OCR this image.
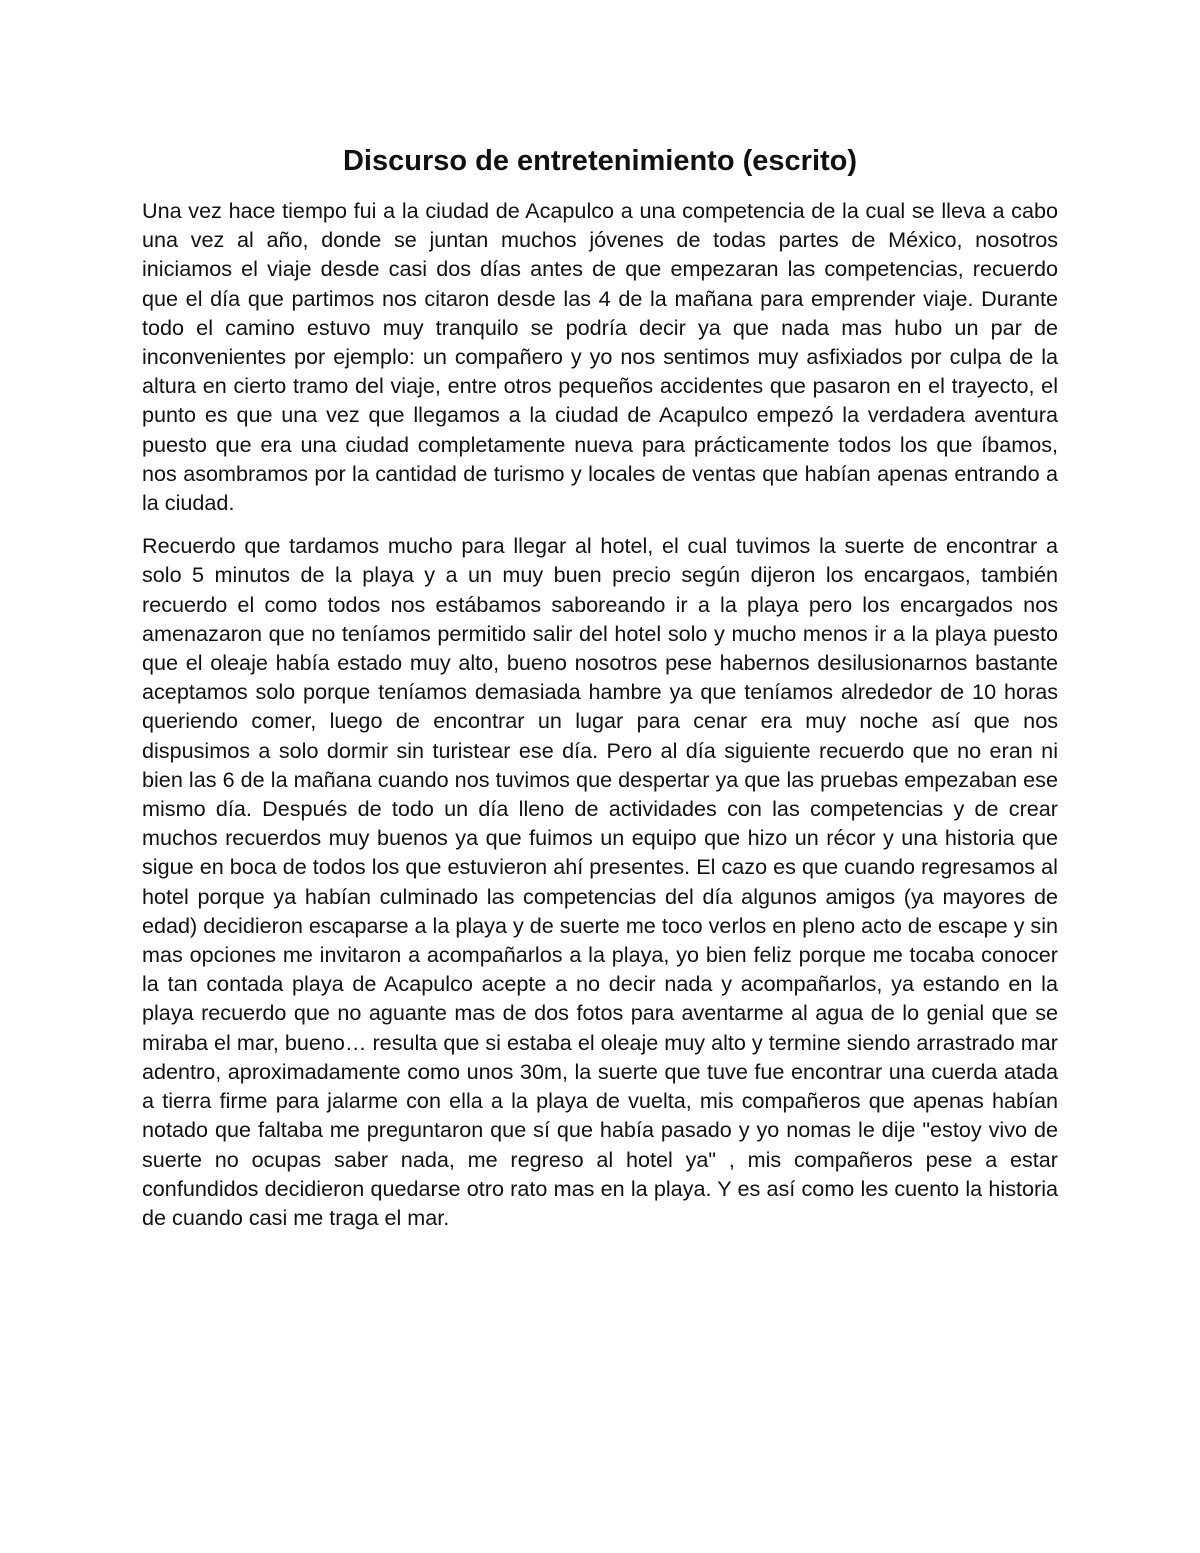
Discurso de entretenimiento (escrito)

Una vez hace tiempo fui a la ciudad de Acapulco a una competencia de la cual se lleva a cabo una vez al año, donde se juntan muchos jóvenes de todas partes de México, nosotros iniciamos el viaje desde casi dos días antes de que empezaran las competencias, recuerdo que el día que partimos nos citaron desde las 4 de la mañana para emprender viaje. Durante todo el camino estuvo muy tranquilo se podría decir ya que nada mas hubo un par de inconvenientes por ejemplo: un compañero y yo nos sentimos muy asfixiados por culpa de la altura en cierto tramo del viaje, entre otros pequeños accidentes que pasaron en el trayecto, el punto es que una vez que llegamos a la ciudad de Acapulco empezó la verdadera aventura puesto que era una ciudad completamente nueva para prácticamente todos los que íbamos, nos asombramos por la cantidad de turismo y locales de ventas que habían apenas entrando a la ciudad.

Recuerdo que tardamos mucho para llegar al hotel, el cual tuvimos la suerte de encontrar a solo 5 minutos de la playa y a un muy buen precio según dijeron los encargaos, también recuerdo el como todos nos estábamos saboreando ir a la playa pero los encargados nos amenazaron que no teníamos permitido salir del hotel solo y mucho menos ir a la playa puesto que el oleaje había estado muy alto, bueno nosotros pese habernos desilusionarnos bastante aceptamos solo porque teníamos demasiada hambre ya que teníamos alrededor de 10 horas queriendo comer, luego de encontrar un lugar para cenar era muy noche así que nos dispusimos a solo dormir sin turistear ese día. Pero al día siguiente recuerdo que no eran ni bien las 6 de la mañana cuando nos tuvimos que despertar ya que las pruebas empezaban ese mismo día. Después de todo un día lleno de actividades con las competencias y de crear muchos recuerdos muy buenos ya que fuimos un equipo que hizo un récor y una historia que sigue en boca de todos los que estuvieron ahí presentes. El cazo es que cuando regresamos al hotel porque ya habían culminado las competencias del día algunos amigos (ya mayores de edad) decidieron escaparse a la playa y de suerte me toco verlos en pleno acto de escape y sin mas opciones me invitaron a acompañarlos a la playa, yo bien feliz porque me tocaba conocer la tan contada playa de Acapulco acepte a no decir nada y acompañarlos, ya estando en la playa recuerdo que no aguante mas de dos fotos para aventarme al agua de lo genial que se miraba el mar, bueno… resulta que si estaba el oleaje muy alto y termine siendo arrastrado mar adentro, aproximadamente como unos 30m, la suerte que tuve fue encontrar una cuerda atada a tierra firme para jalarme con ella a la playa de vuelta, mis compañeros que apenas habían notado que faltaba me preguntaron que sí que había pasado y yo nomas le dije "estoy vivo de suerte no ocupas saber nada, me regreso al hotel ya" , mis compañeros pese a estar confundidos decidieron quedarse otro rato mas en la playa. Y es así como les cuento la historia de cuando casi me traga el mar.
